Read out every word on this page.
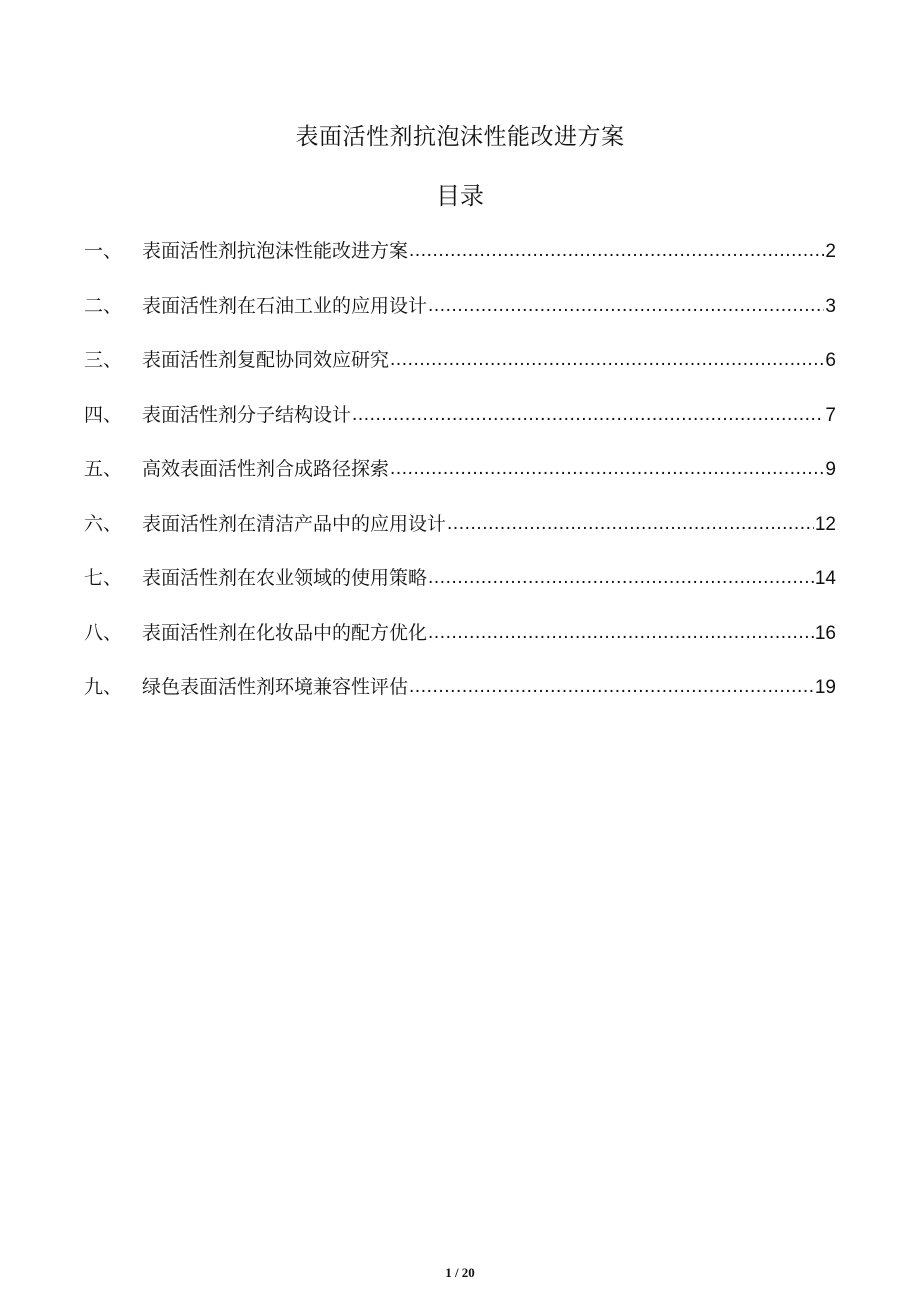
表面活性剂抗泡沫性能改进方案
目录
一、	表面活性剂抗泡沫性能改进方案 .....	2
二、	表面活性剂在石油工业的应用设计 .....	3
三、	表面活性剂复配协同效应研究 .....	6
四、	表面活性剂分子结构设计 .....	7
五、	高效表面活性剂合成路径探索 .....	9
六、	表面活性剂在清洁产品中的应用设计 .....	12
七、	表面活性剂在农业领域的使用策略 .....	14
八、	表面活性剂在化妆品中的配方优化 .....	16
九、	绿色表面活性剂环境兼容性评估 .....	19
1 / 20
